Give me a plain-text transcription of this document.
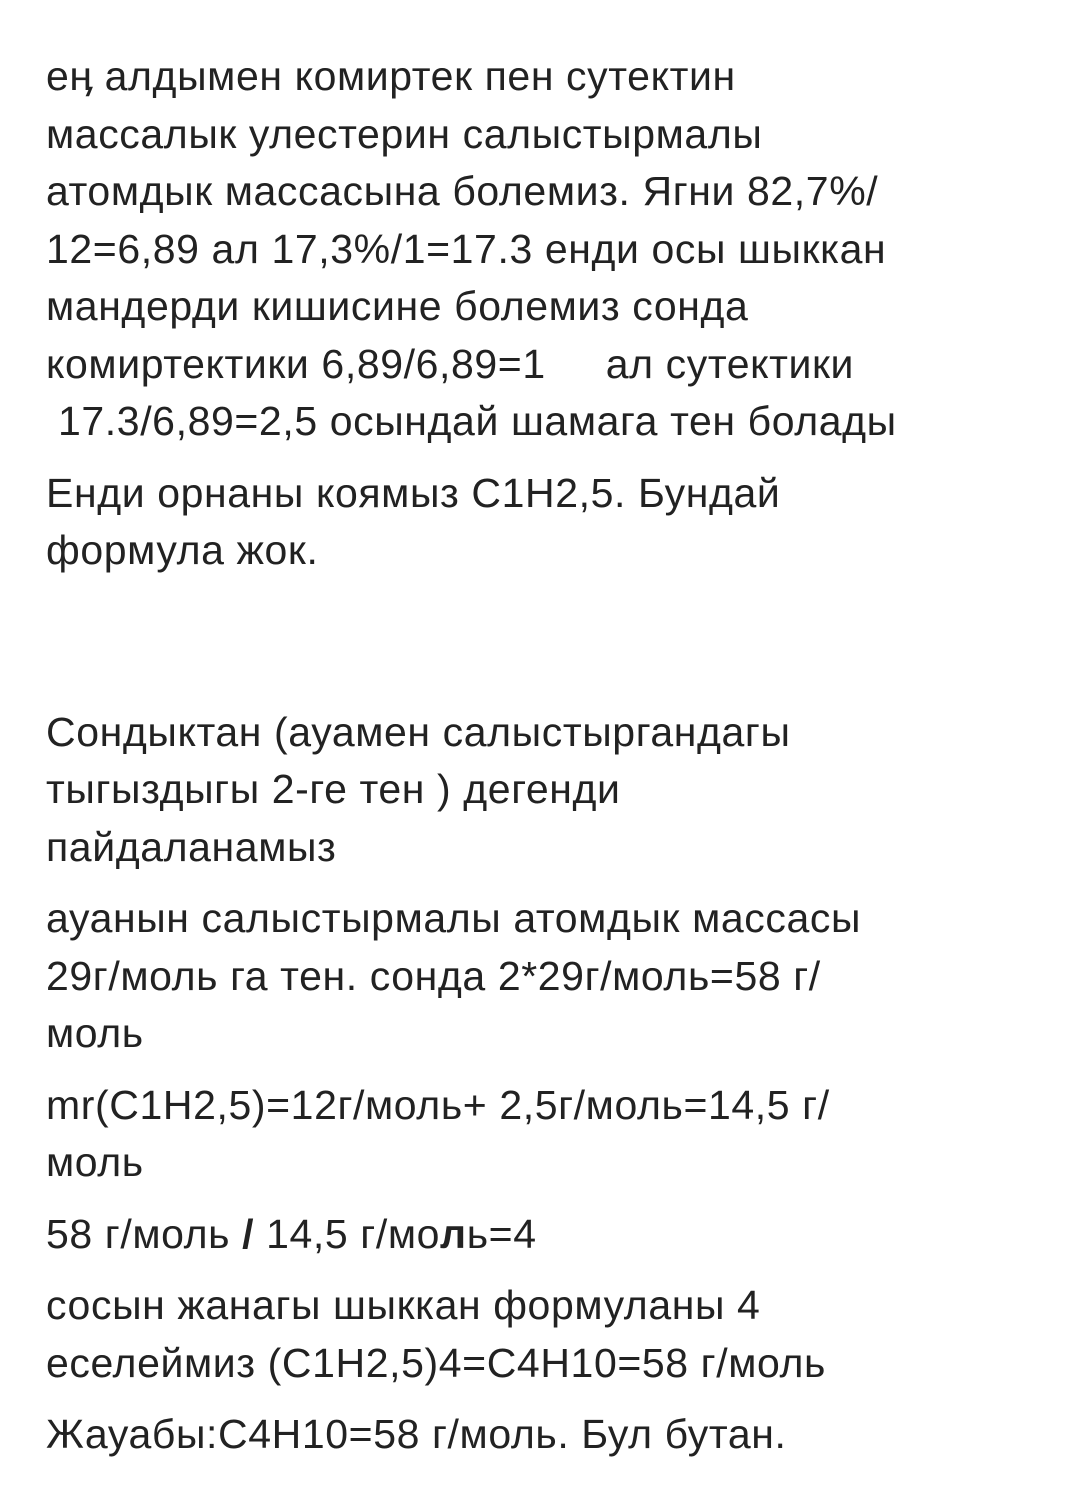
еӊ алдымен комиртек пен сутектин
массалык улестерин салыстырмалы
атомдык массасына болемиз. Ягни 82,7%/
12=6,89 ал 17,3%/1=17.3 енди осы шыккан
мандерди кишисине болемиз сонда
комиртектики 6,89/6,89=1     ал сутектики
17.3/6,89=2,5 осындай шамага тен болады
Енди орнаны коямыз C1H2,5. Бундай
формула жок.
Сондыктан (ауамен салыстыргандагы
тыгыздыгы 2-ге тен ) дегенди
пайдаланамыз
ауанын салыстырмалы атомдык массасы
29г/моль га тен. сонда 2*29г/моль=58 г/
моль
mr(C1H2,5)=12г/моль+ 2,5г/моль=14,5 г/
моль
58 г/моль / 14,5 г/моль=4
сосын жанагы шыккан формуланы 4
еселеймиз (C1H2,5)4=C4H10=58 г/моль
Жауабы:C4H10=58 г/моль. Бул бутан.
